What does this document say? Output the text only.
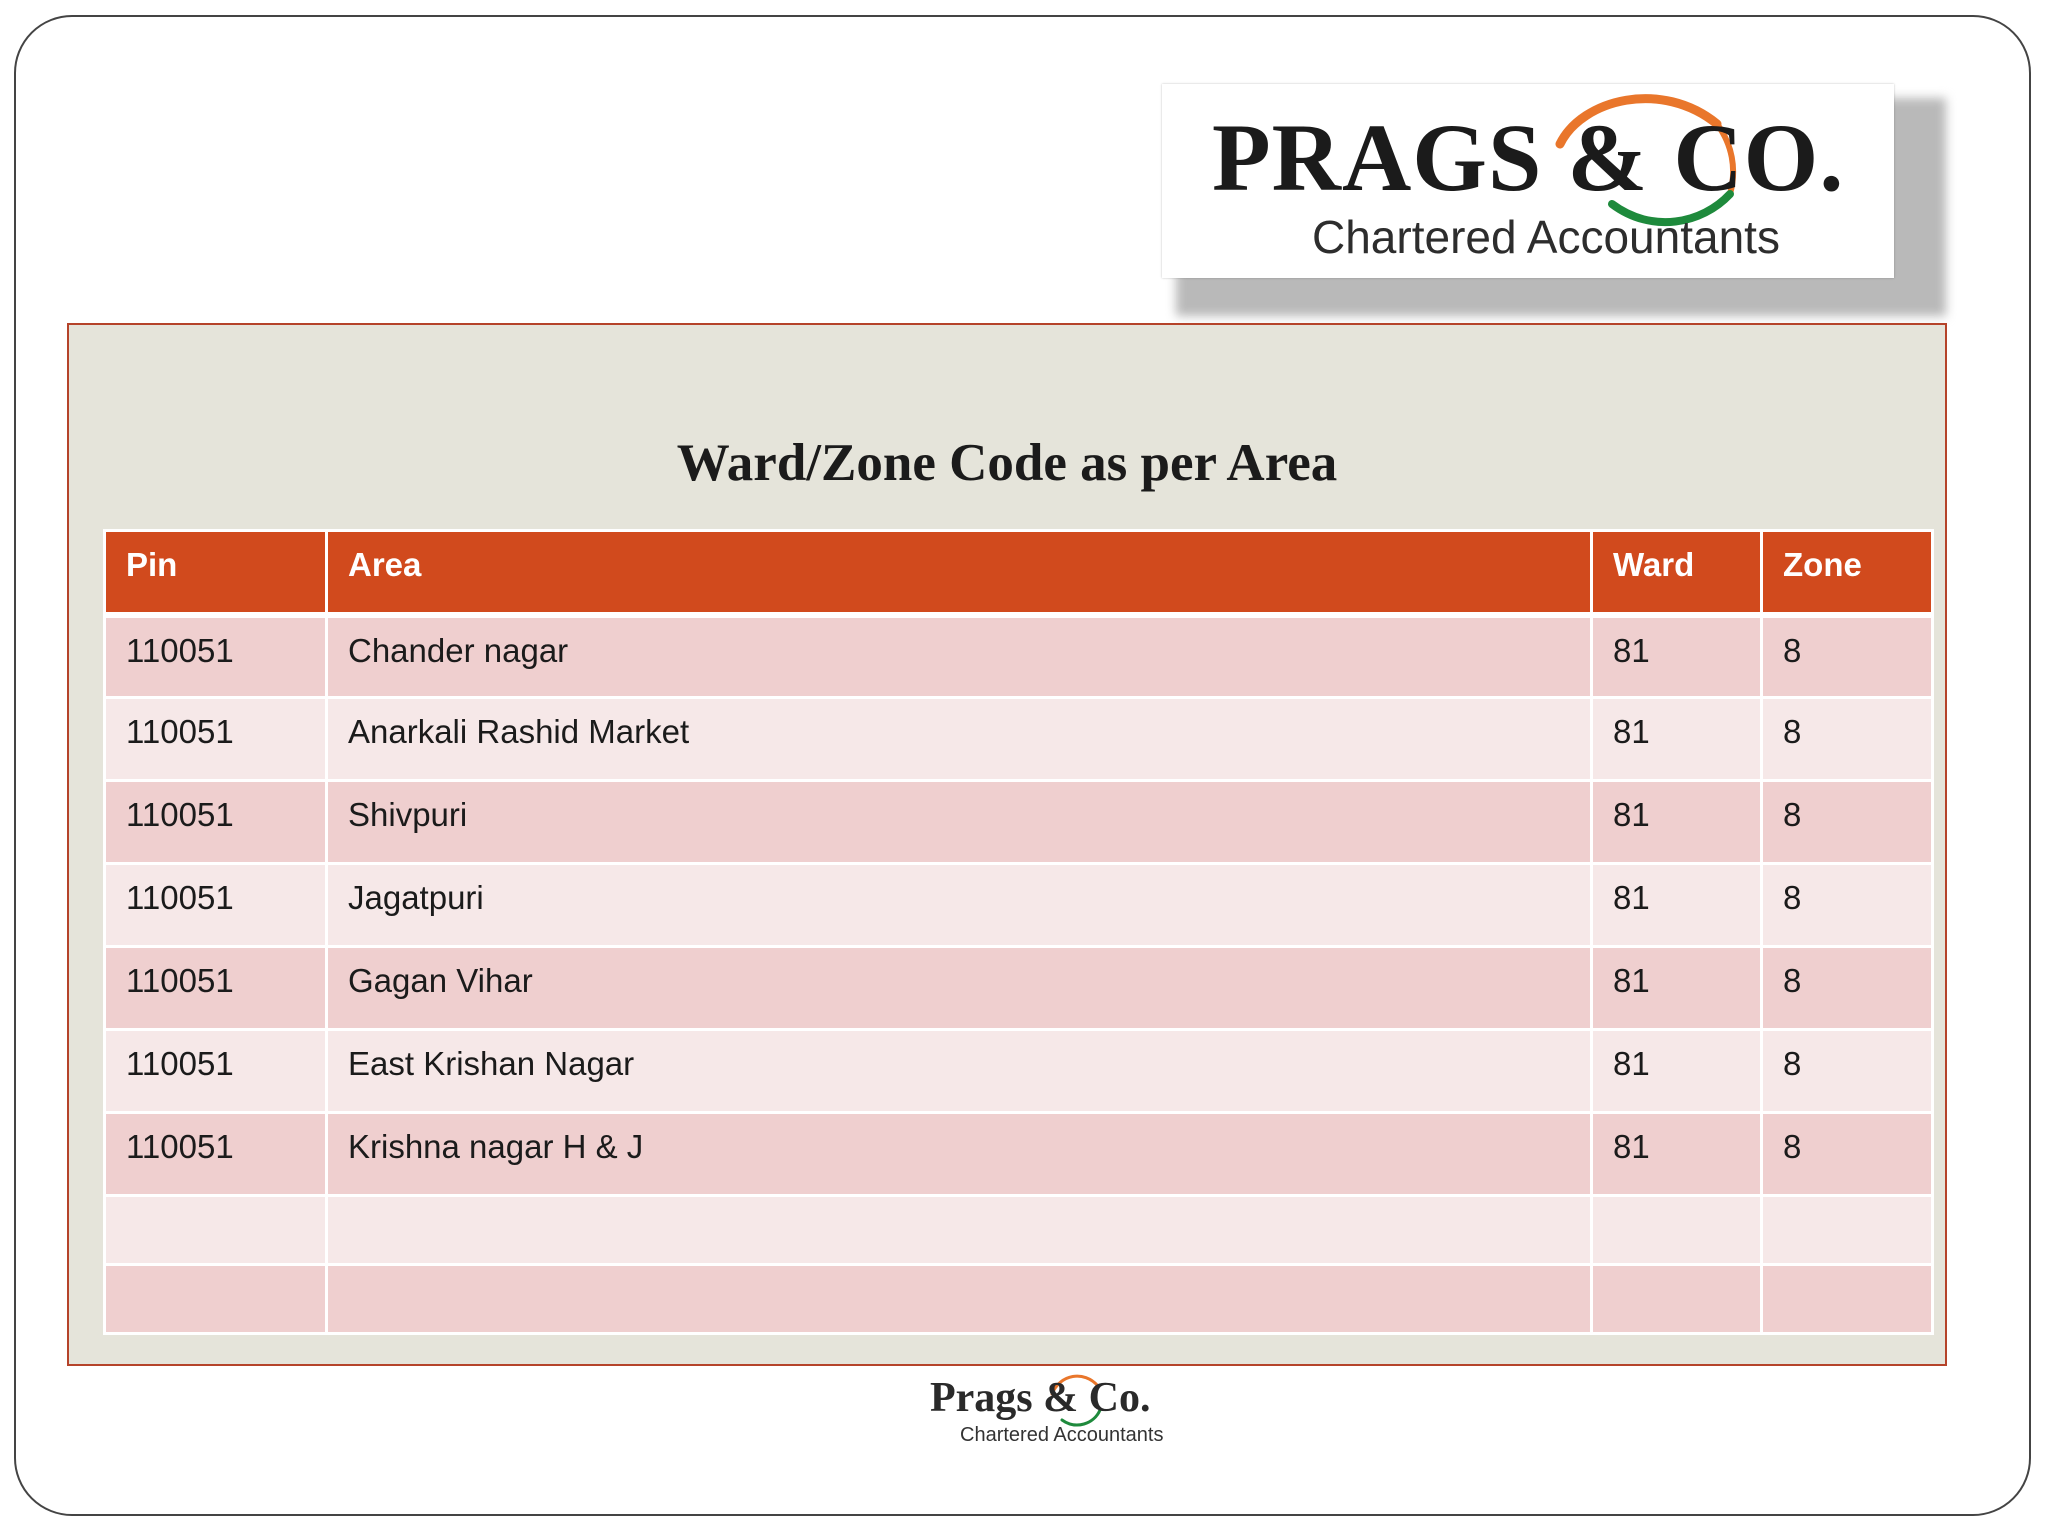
PRAGS & CO.
Chartered Accountants
Ward/Zone Code as per Area
Pin	Area	Ward	Zone
110051	Chander nagar	81	8
110051	Anarkali Rashid Market	81	8
110051	Shivpuri	81	8
110051	Jagatpuri	81	8
110051	Gagan Vihar	81	8
110051	East Krishan Nagar	81	8
110051	Krishna nagar H & J	81	8

Prags & Co.
Chartered Accountants
